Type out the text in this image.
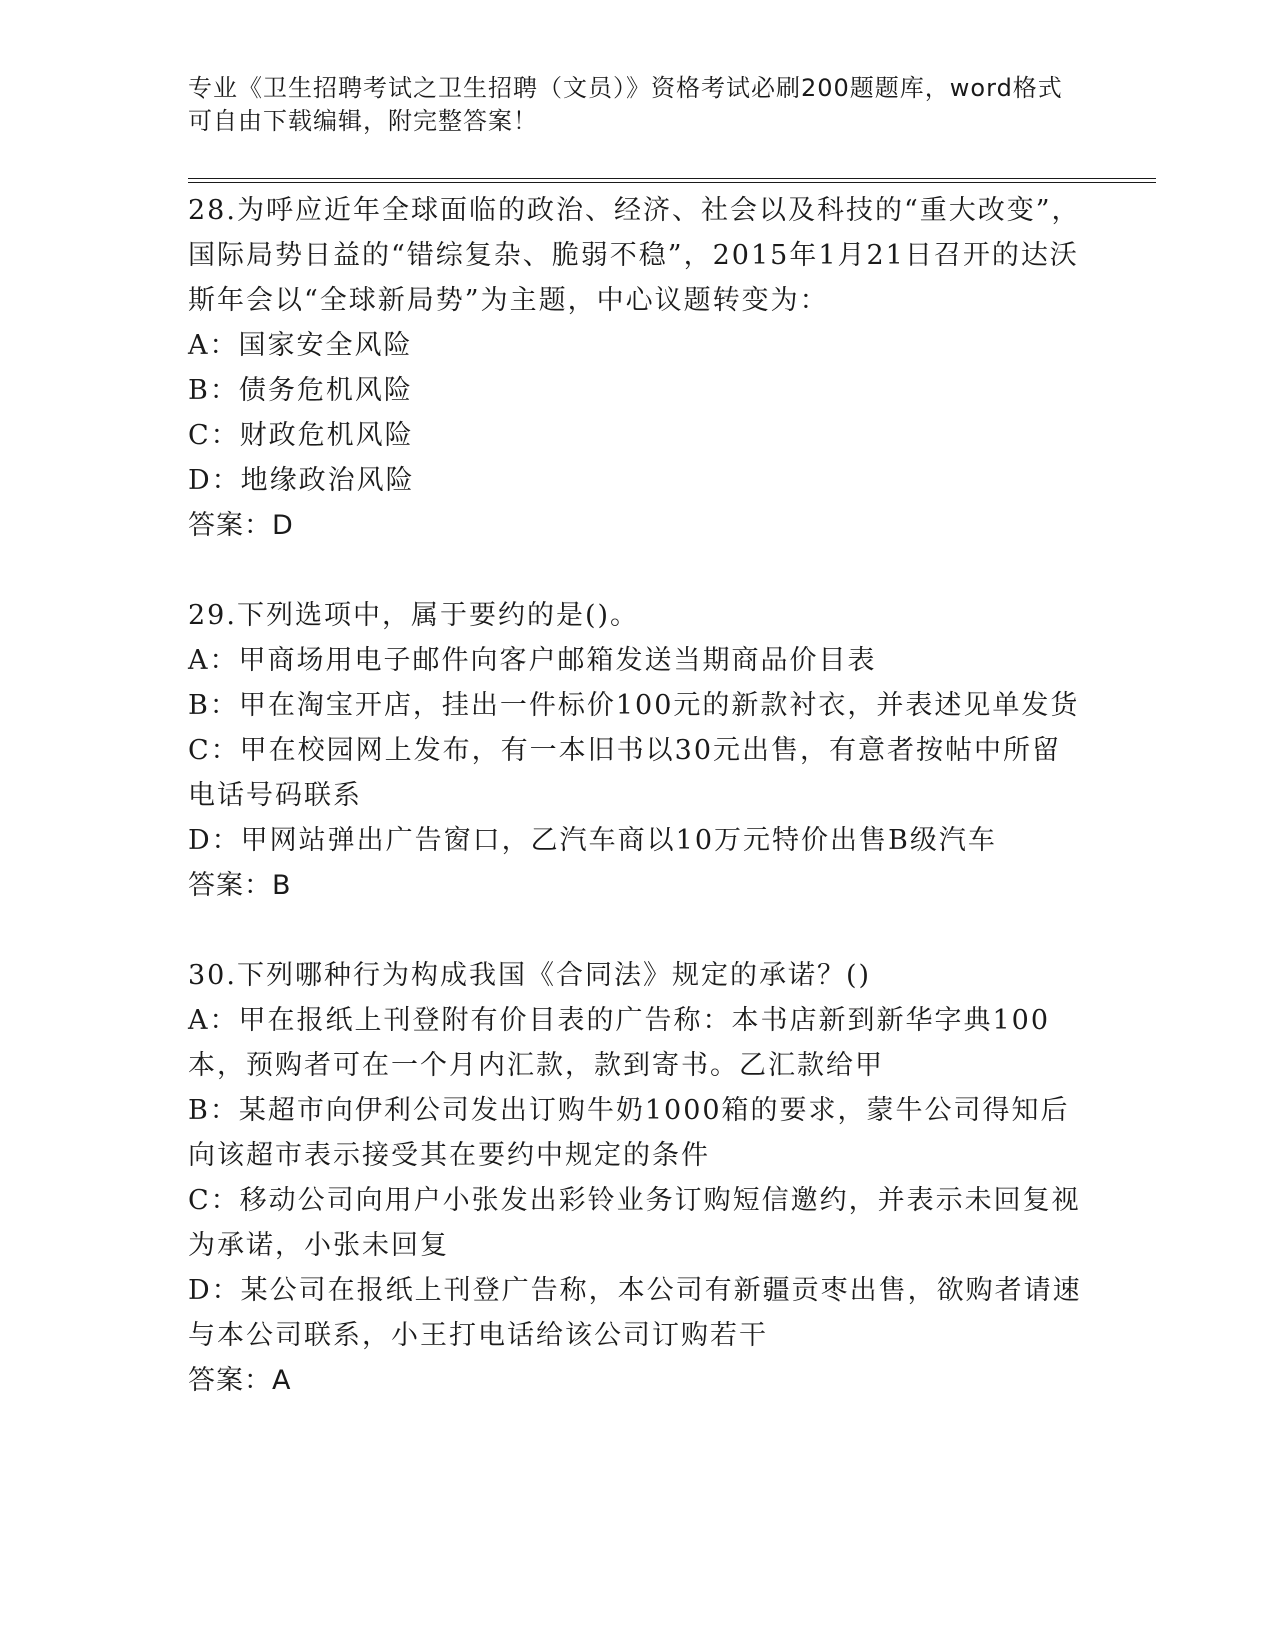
专业《卫生招聘考试之卫生招聘（文员）》资格考试必刷200题题库，word格式
可自由下载编辑，附完整答案！

28.为呼应近年全球面临的政治、经济、社会以及科技的“重大改变”，国际局势日益的“错综复杂、脆弱不稳”，2015年1月21日召开的达沃斯年会以“全球新局势”为主题，中心议题转变为：

A：国家安全风险

B：债务危机风险

C：财政危机风险

D：地缘政治风险

答案：D

29.下列选项中，属于要约的是()。

A：甲商场用电子邮件向客户邮箱发送当期商品价目表

B：甲在淘宝开店，挂出一件标价100元的新款衬衣，并表述见单发货

C：甲在校园网上发布，有一本旧书以30元出售，有意者按帖中所留电话号码联系

D：甲网站弹出广告窗口，乙汽车商以10万元特价出售B级汽车

答案：B

30.下列哪种行为构成我国《合同法》规定的承诺？()

A：甲在报纸上刊登附有价目表的广告称：本书店新到新华字典100本，预购者可在一个月内汇款，款到寄书。乙汇款给甲

B：某超市向伊利公司发出订购牛奶1000箱的要求，蒙牛公司得知后向该超市表示接受其在要约中规定的条件

C：移动公司向用户小张发出彩铃业务订购短信邀约，并表示未回复视为承诺，小张未回复

D：某公司在报纸上刊登广告称，本公司有新疆贡枣出售，欲购者请速与本公司联系，小王打电话给该公司订购若干

答案：A
